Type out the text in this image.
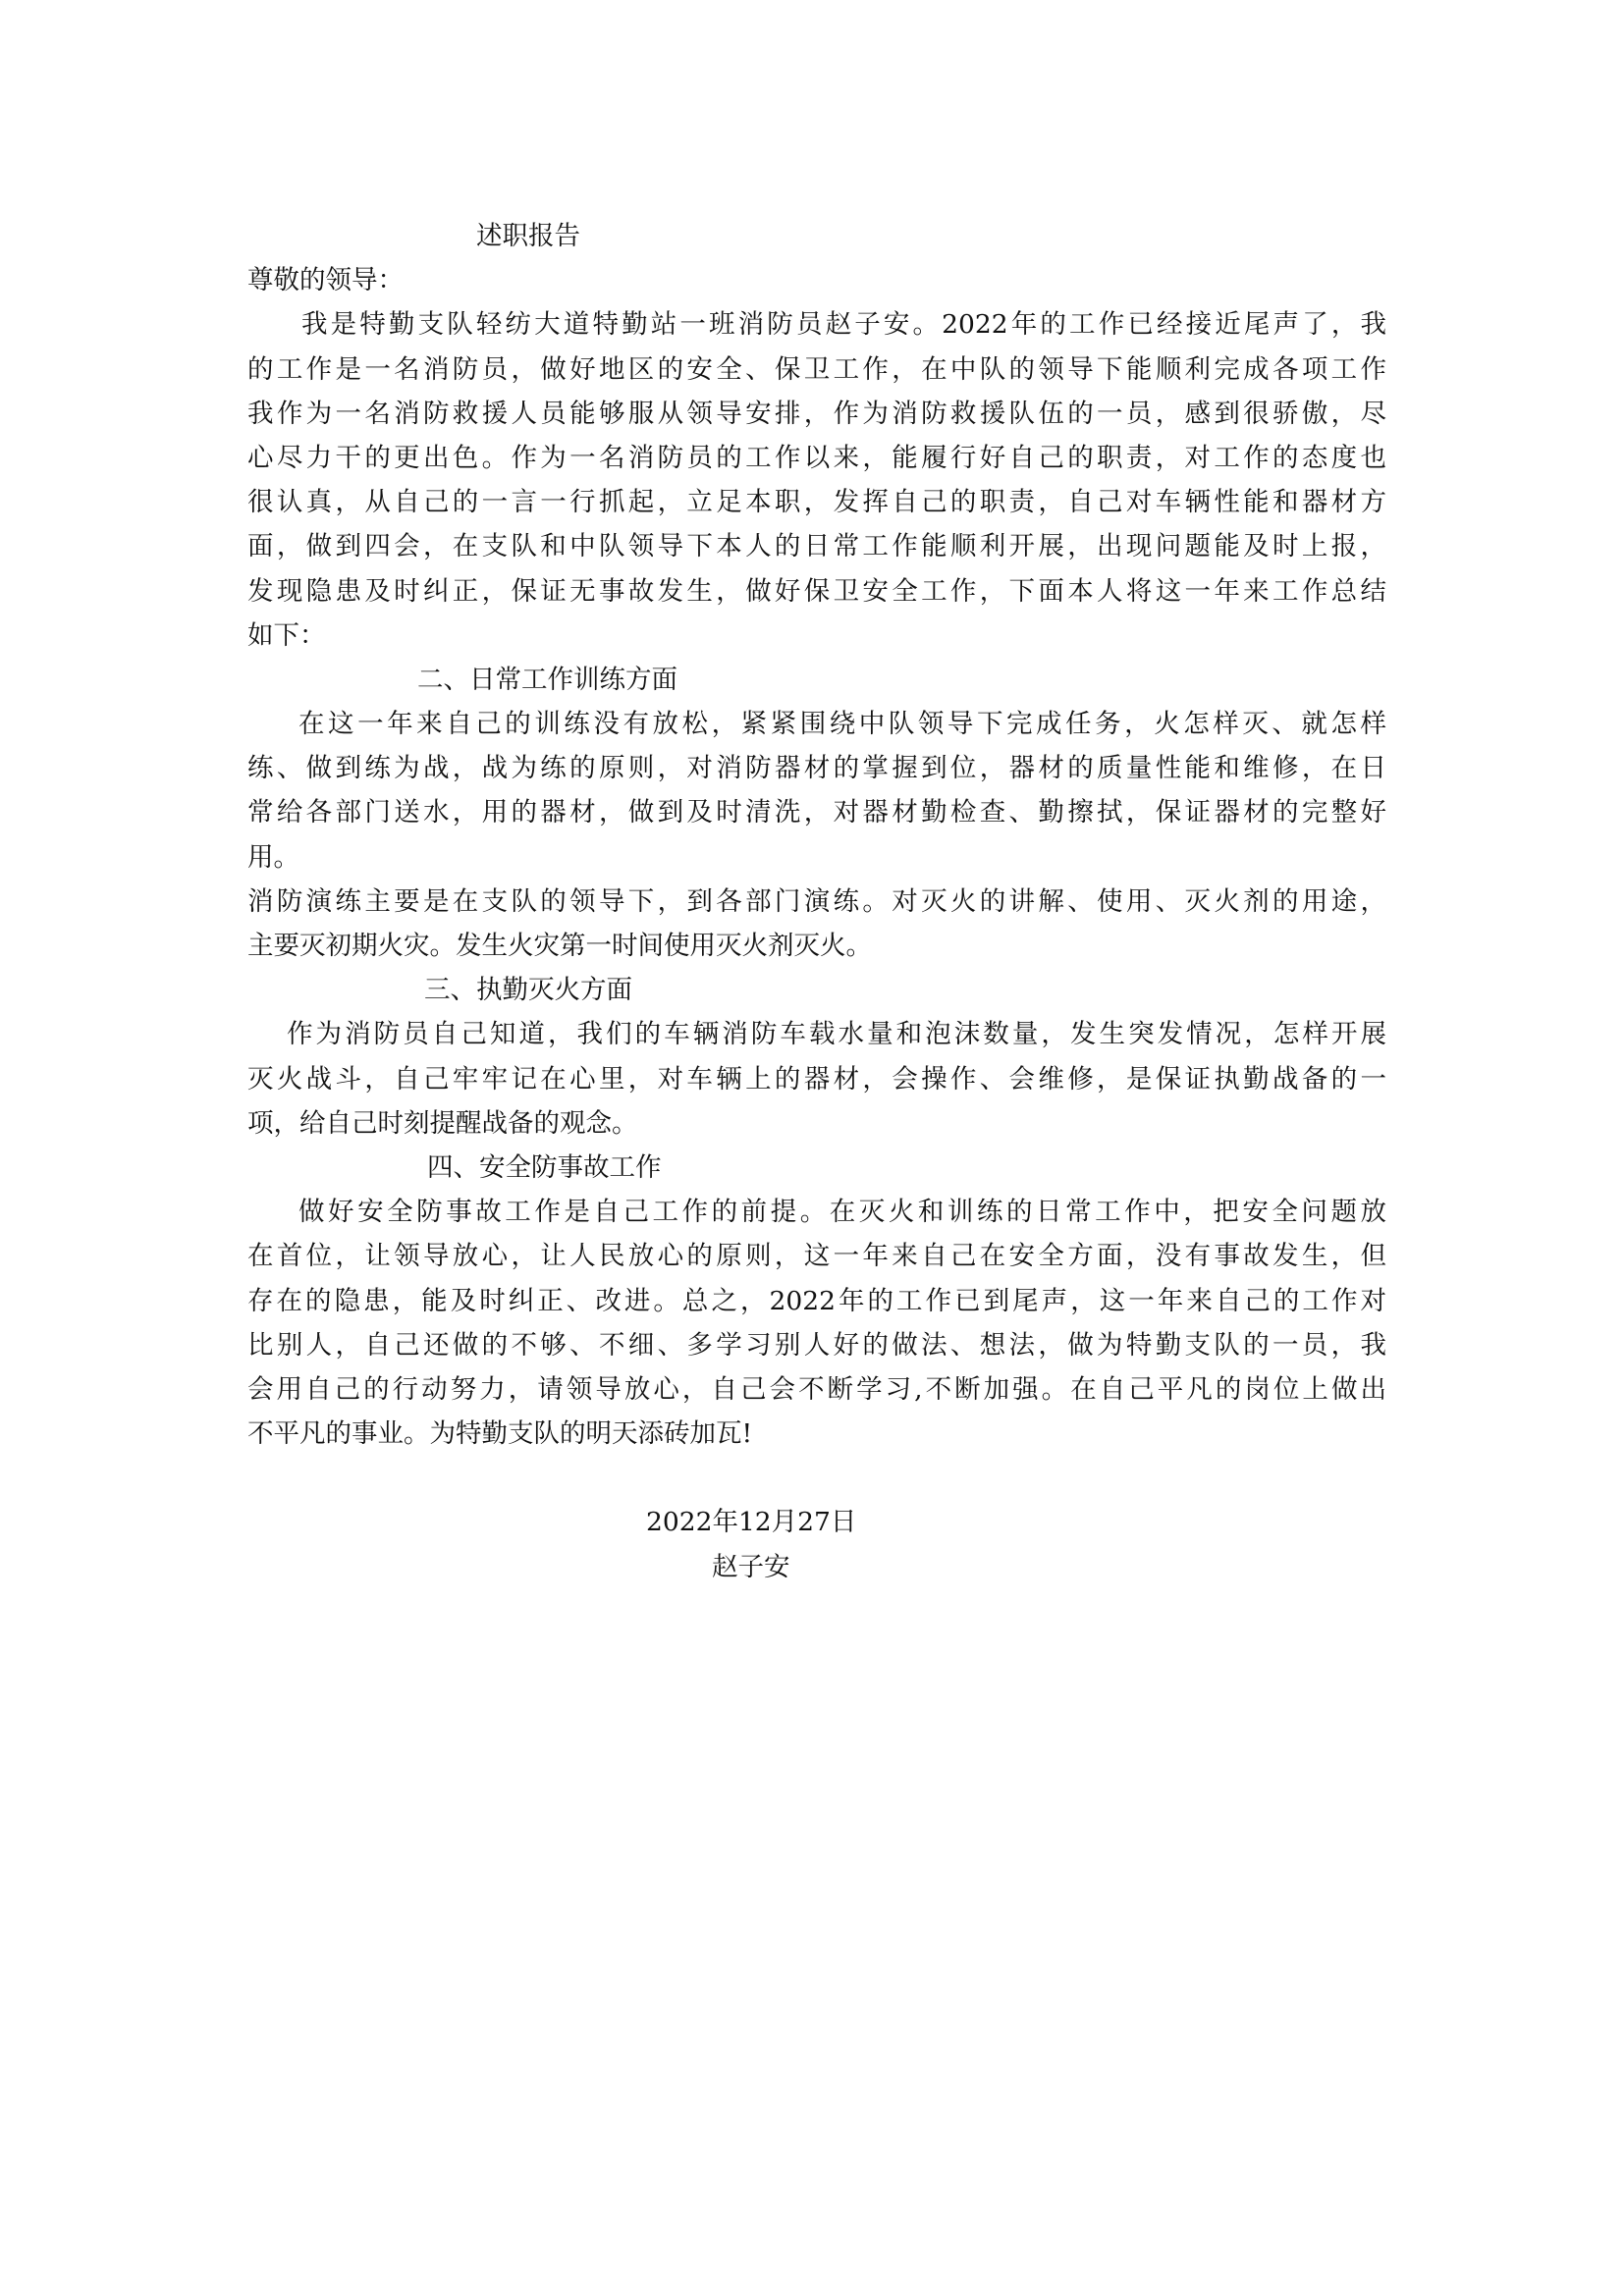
述职报告
尊敬的领导：
我是特勤支队轻纺大道特勤站一班消防员赵子安。2022年的工作已经接近尾声了，我
的工作是一名消防员，做好地区的安全、保卫工作，在中队的领导下能顺利完成各项工作
我作为一名消防救援人员能够服从领导安排，作为消防救援队伍的一员，感到很骄傲，尽
心尽力干的更出色。作为一名消防员的工作以来，能履行好自己的职责，对工作的态度也
很认真，从自己的一言一行抓起，立足本职，发挥自己的职责，自己对车辆性能和器材方
面，做到四会，在支队和中队领导下本人的日常工作能顺利开展，出现问题能及时上报，
发现隐患及时纠正，保证无事故发生，做好保卫安全工作，下面本人将这一年来工作总结
如下：
二、日常工作训练方面
在这一年来自己的训练没有放松，紧紧围绕中队领导下完成任务，火怎样灭、就怎样
练、做到练为战，战为练的原则，对消防器材的掌握到位，器材的质量性能和维修，在日
常给各部门送水，用的器材，做到及时清洗，对器材勤检查、勤擦拭，保证器材的完整好
用。
消防演练主要是在支队的领导下，到各部门演练。对灭火的讲解、使用、灭火剂的用途，
主要灭初期火灾。发生火灾第一时间使用灭火剂灭火。
三、执勤灭火方面
作为消防员自己知道，我们的车辆消防车载水量和泡沫数量，发生突发情况，怎样开展
灭火战斗，自己牢牢记在心里，对车辆上的器材，会操作、会维修，是保证执勤战备的一
项，给自己时刻提醒战备的观念。
四、安全防事故工作
做好安全防事故工作是自己工作的前提。在灭火和训练的日常工作中，把安全问题放
在首位，让领导放心，让人民放心的原则，这一年来自己在安全方面，没有事故发生，但
存在的隐患，能及时纠正、改进。总之，2022年的工作已到尾声，这一年来自己的工作对
比别人，自己还做的不够、不细、多学习别人好的做法、想法，做为特勤支队的一员，我
会用自己的行动努力，请领导放心，自己会不断学习,不断加强。在自己平凡的岗位上做出
不平凡的事业。为特勤支队的明天添砖加瓦!
2022年12月27日
赵子安
